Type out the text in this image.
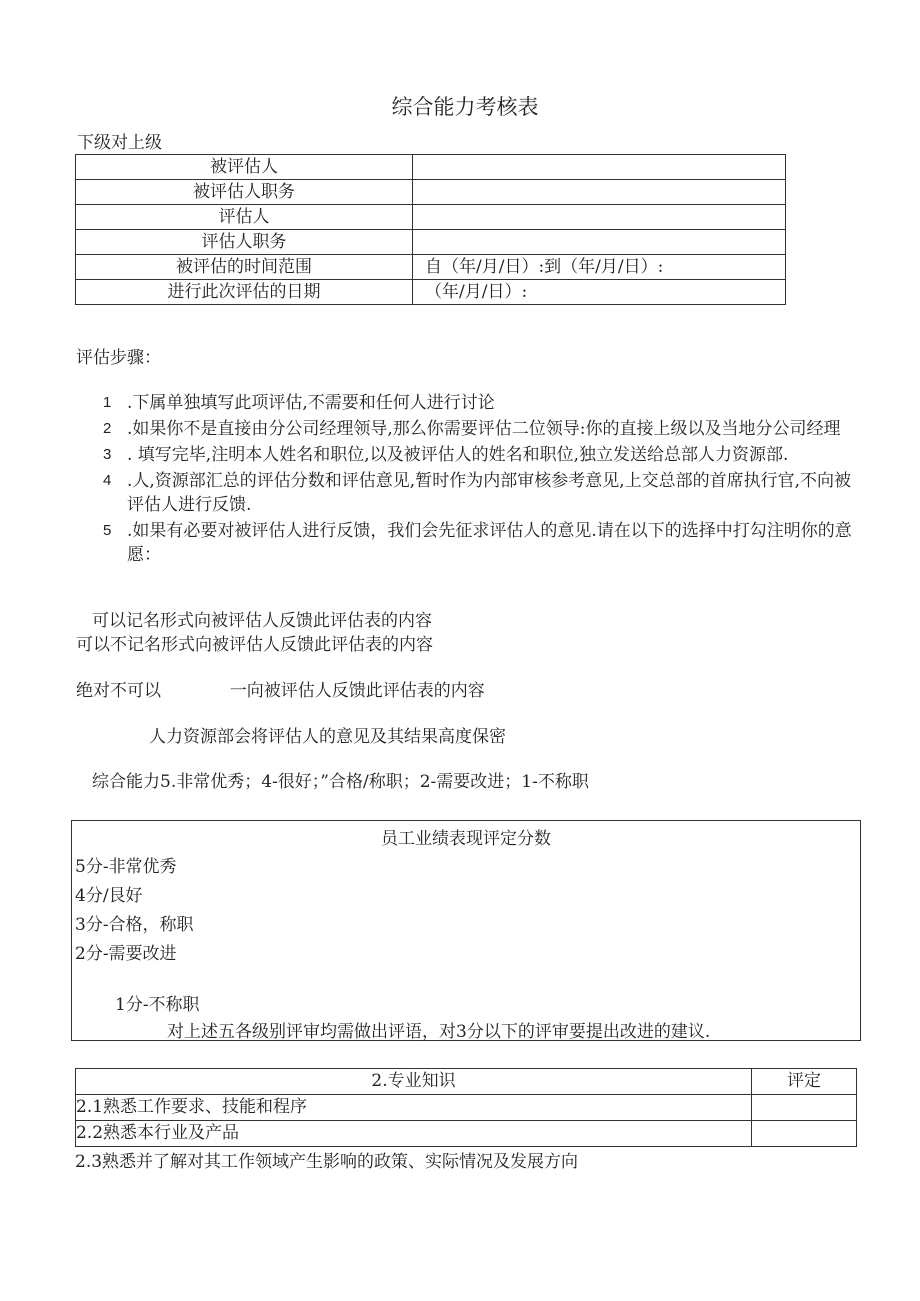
综合能力考核表
下级对上级
被评估人	
被评估人职务	
评估人	
评估人职务	
被评估的时间范围	自（年/月/日）:到（年/月/日）:
进行此次评估的日期	（年/月/日）:
评估步骤：
1 .下属单独填写此项评估,不需要和任何人进行讨论
2 .如果你不是直接由分公司经理领导,那么你需要评估二位领导:你的直接上级以及当地分公司经理
3 . 填写完毕,注明本人姓名和职位,以及被评估人的姓名和职位,独立发送给总部人力资源部.
4 .人,资源部汇总的评估分数和评估意见,暂时作为内部审核参考意见,上交总部的首席执行官,不向被评估人进行反馈.
5 .如果有必要对被评估人进行反馈，我们会先征求评估人的意见.请在以下的选择中打勾注明你的意愿：
可以记名形式向被评估人反馈此评估表的内容
可以不记名形式向被评估人反馈此评估表的内容
绝对不可以	一向被评估人反馈此评估表的内容
人力资源部会将评估人的意见及其结果高度保密
综合能力5.非常优秀；4-很好；”合格/称职；2-需要改进；1-不称职
员工业绩表现评定分数
5分-非常优秀
4分/艮好
3分-合格，称职
2分-需要改进
1分-不称职
对上述五各级别评审均需做出评语，对3分以下的评审要提出改进的建议.
2.专业知识	评定
2.1熟悉工作要求、技能和程序	
2.2熟悉本行业及产品	
2.3熟悉并了解对其工作领域产生影响的政策、实际情况及发展方向
